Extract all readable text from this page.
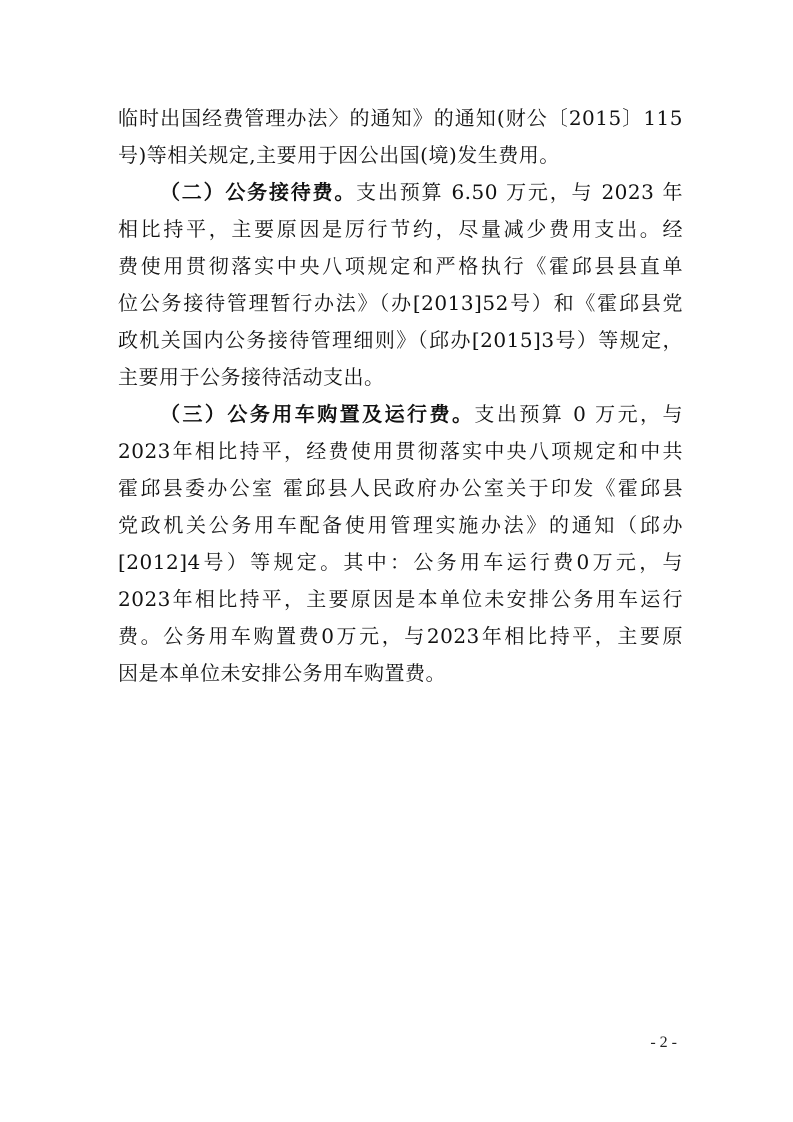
临时出国经费管理办法〉的通知》的通知(财公〔2015〕115
号)等相关规定,主要用于因公出国(境)发生费用。
（二）公务接待费。支出预算 6.50 万元，与 2023 年
相比持平，主要原因是厉行节约，尽量减少费用支出。经
费使用贯彻落实中央八项规定和严格执行《霍邱县县直单
位公务接待管理暂行办法》（办[2013]52号）和《霍邱县党
政机关国内公务接待管理细则》（邱办[2015]3号）等规定，
主要用于公务接待活动支出。
（三）公务用车购置及运行费。支出预算 0 万元，与
2023年相比持平，经费使用贯彻落实中央八项规定和中共
霍邱县委办公室 霍邱县人民政府办公室关于印发《霍邱县
党政机关公务用车配备使用管理实施办法》的通知（邱办
[2012]4号）等规定。其中：公务用车运行费0万元，与
2023年相比持平，主要原因是本单位未安排公务用车运行
费。公务用车购置费0万元，与2023年相比持平，主要原
因是本单位未安排公务用车购置费。
- 2 -
